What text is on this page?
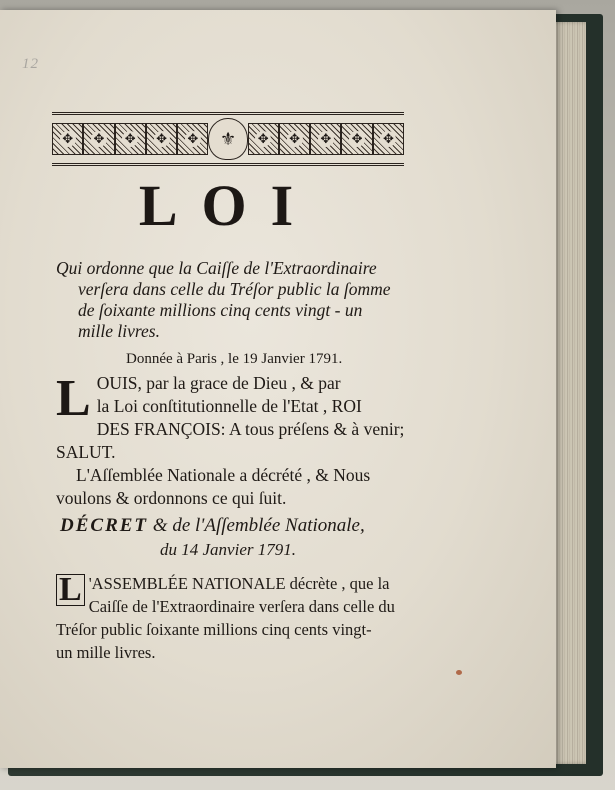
12
✥ ✥ ✥ ✥ ✥	⚜	✥ ✥ ✥ ✥ ✥
LOI
Qui ordonne que la Caiſſe de l'Extraordinaire
verſera dans celle du Tréſor public la ſomme
de ſoixante millions cinq cents vingt - un
mille livres.
Donnée à Paris , le 19 Janvier 1791.
L OUIS, par la grace de Dieu , & par
la Loi conſtitutionnelle de l'Etat , ROI
DES FRANÇOIS: A tous préſens & à venir;
SALUT.
L'Aſſemblée Nationale a décrété , & Nous
voulons & ordonnons ce qui ſuit.
DÉCRET & de l'Aſſemblée Nationale,
du 14 Janvier 1791.
L 'ASSEMBLÉE NATIONALE décrète , que la
Caiſſe de l'Extraordinaire verſera dans celle du
Tréſor public ſoixante millions cinq cents vingt-
un mille livres.
